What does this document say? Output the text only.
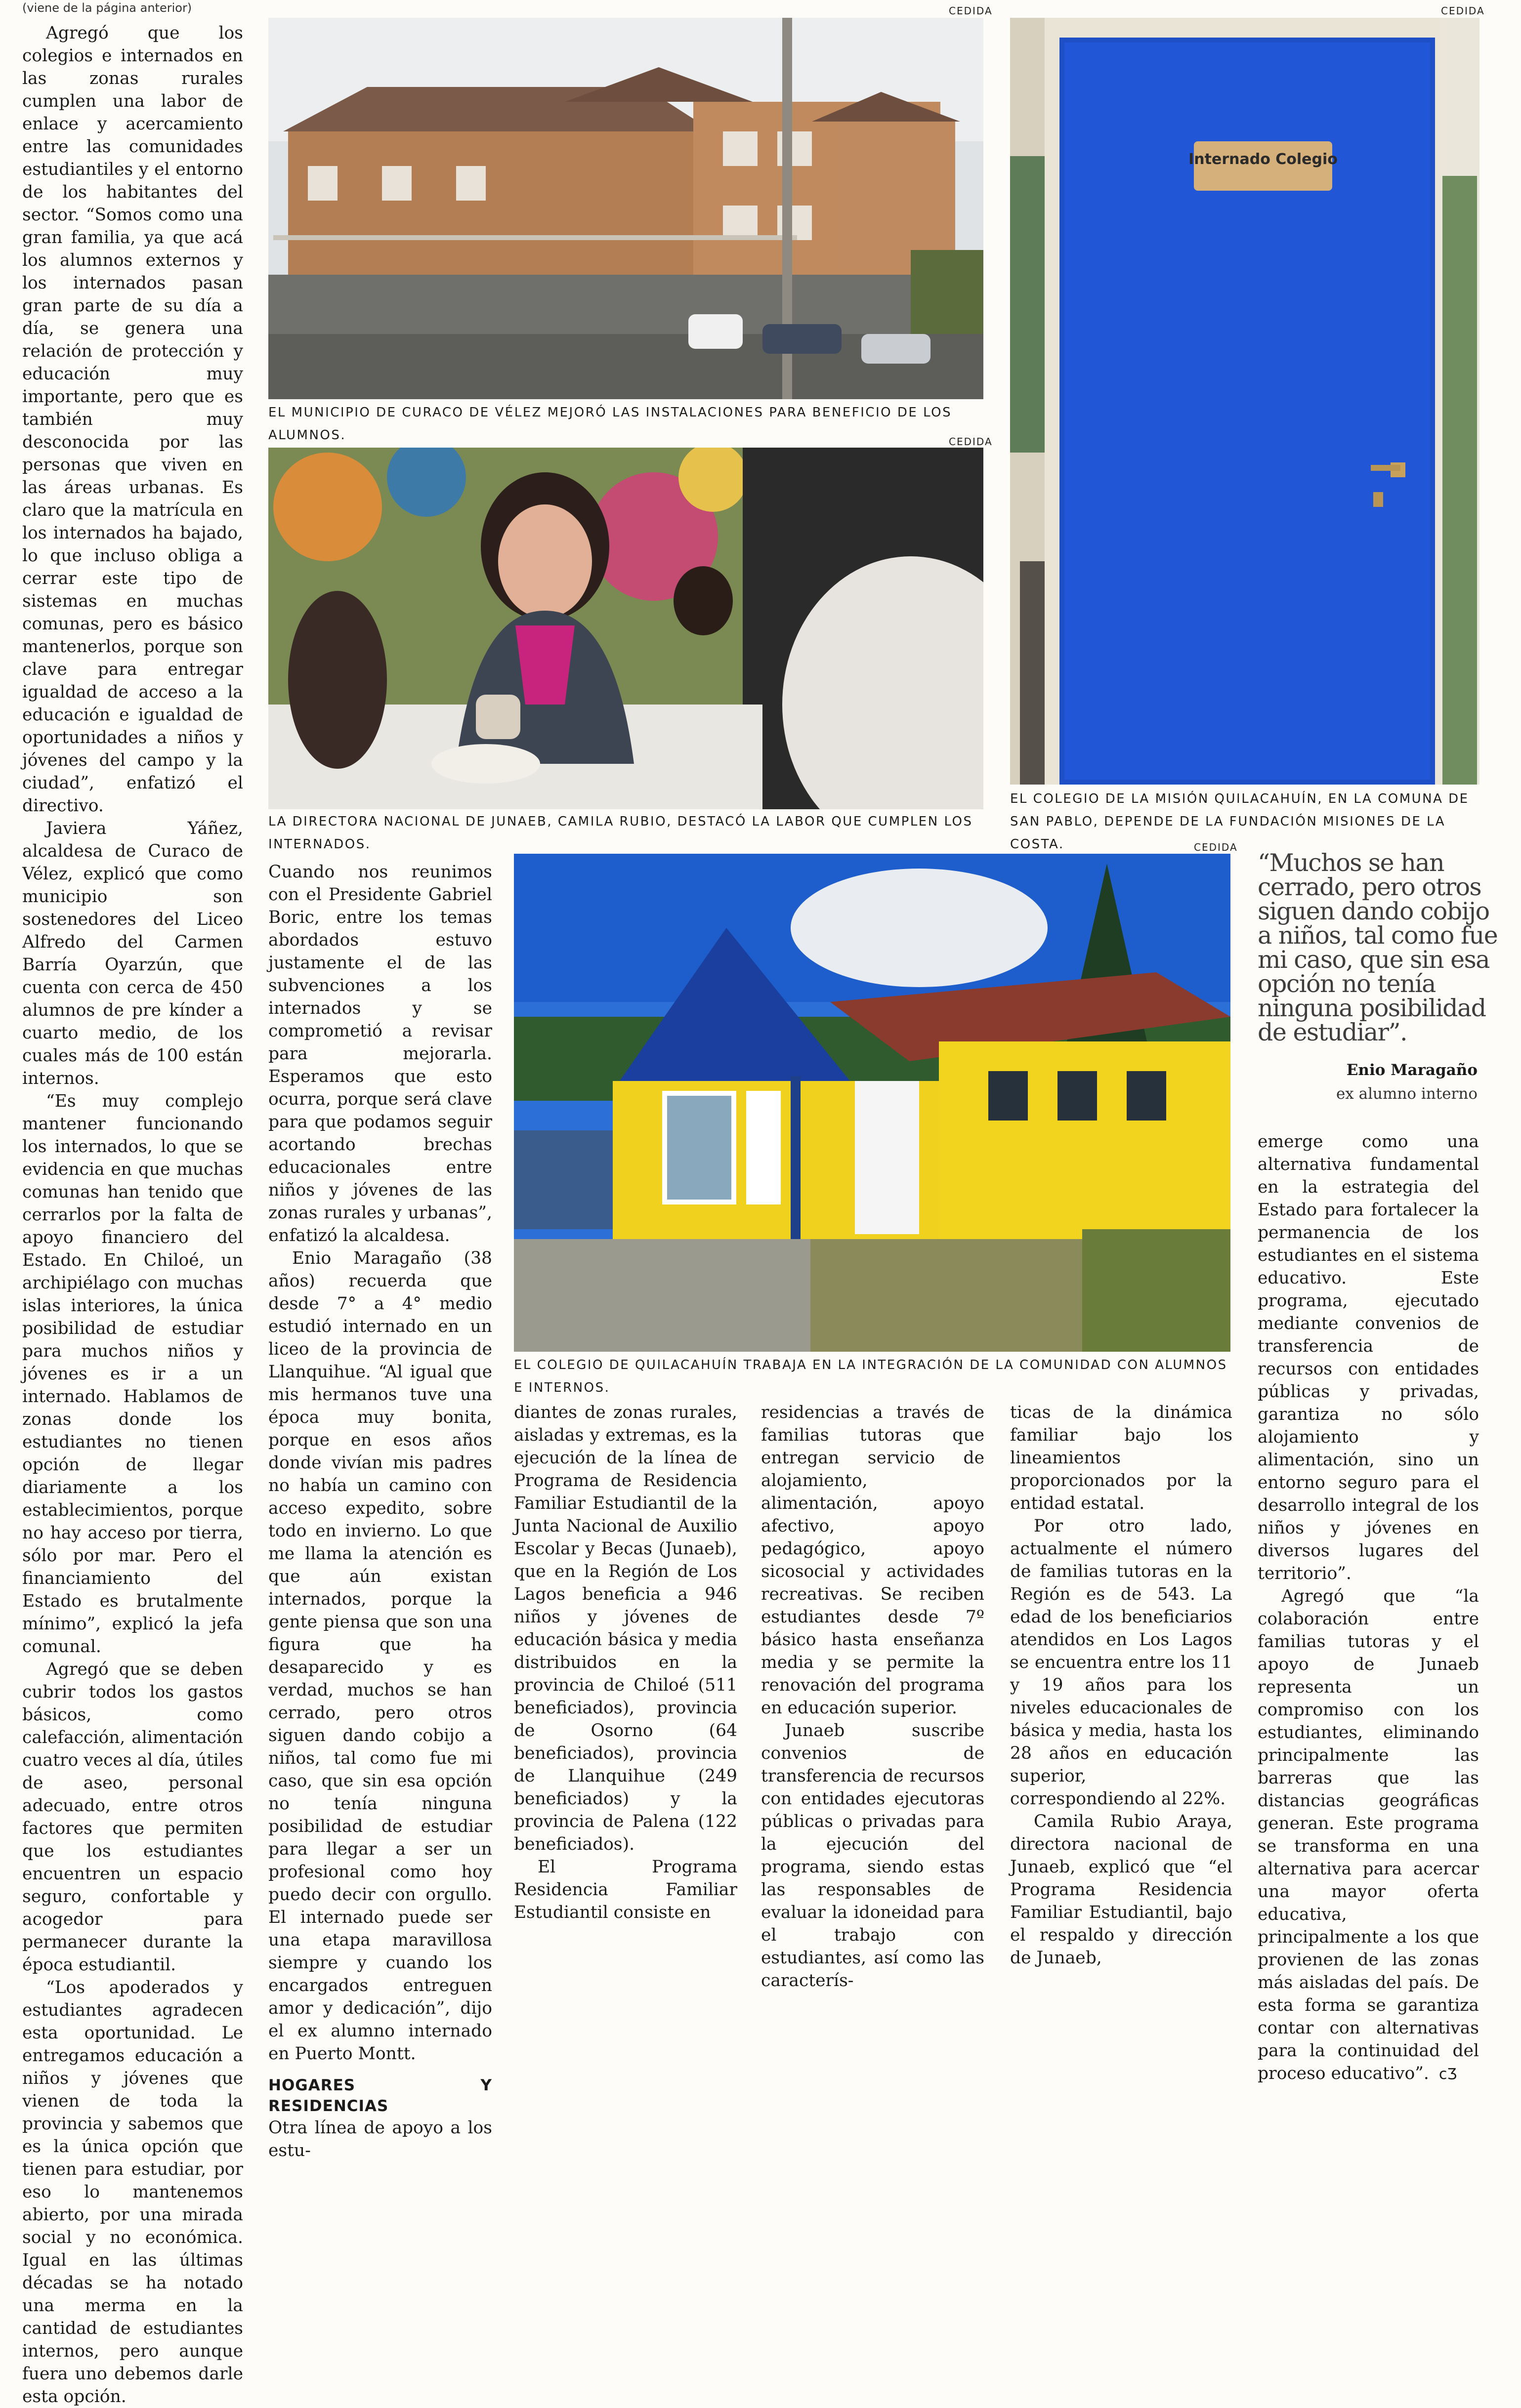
(viene de la página anterior)

Agregó que los colegios e internados en las zonas rurales cumplen una labor de enlace y acercamiento entre las comunidades estudiantiles y el entorno de los habitantes del sector. “Somos como una gran familia, ya que acá los alumnos externos y los internados pasan gran parte de su día a día, se genera una relación de protección y educación muy importante, pero que es también muy desconocida por las personas que viven en las áreas urbanas. Es claro que la matrícula en los internados ha bajado, lo que incluso obliga a cerrar este tipo de sistemas en muchas comunas, pero es básico mantenerlos, porque son clave para entregar igualdad de acceso a la educación e igualdad de oportunidades a niños y jóvenes del campo y la ciudad”, enfatizó el directivo.

Javiera Yáñez, alcaldesa de Curaco de Vélez, explicó que como municipio son sostenedores del Liceo Alfredo del Carmen Barría Oyarzún, que cuenta con cerca de 450 alumnos de pre kínder a cuarto medio, de los cuales más de 100 están internos.

“Es muy complejo mantener funcionando los internados, lo que se evidencia en que muchas comunas han tenido que cerrarlos por la falta de apoyo financiero del Estado. En Chiloé, un archipiélago con muchas islas interiores, la única posibilidad de estudiar para muchos niños y jóvenes es ir a un internado. Hablamos de zonas donde los estudiantes no tienen opción de llegar diariamente a los establecimientos, porque no hay acceso por tierra, sólo por mar. Pero el financiamiento del Estado es brutalmente mínimo”, explicó la jefa comunal.

Agregó que se deben cubrir todos los gastos básicos, como calefacción, alimentación cuatro veces al día, útiles de aseo, personal adecuado, entre otros factores que permiten que los estudiantes encuentren un espacio seguro, confortable y acogedor para permanecer durante la época estudiantil.

“Los apoderados y estudiantes agradecen esta oportunidad. Le entregamos educación a niños y jóvenes que vienen de toda la provincia y sabemos que es la única opción que tienen para estudiar, por eso lo mantenemos abierto, por una mirada social y no económica. Igual en las últimas décadas se ha notado una merma en la cantidad de estudiantes internos, pero aunque fuera uno debemos darle esta opción.

CEDIDA
EL MUNICIPIO DE CURACO DE VÉLEZ MEJORÓ LAS INSTALACIONES PARA BENEFICIO DE LOS ALUMNOS.	CEDIDA
LA DIRECTORA NACIONAL DE JUNAEB, CAMILA RUBIO, DESTACÓ LA LABOR QUE CUMPLEN LOS INTERNADOS.
CEDIDA
Internado Colegio
EL COLEGIO DE LA MISIÓN QUILACAHUÍN, EN LA COMUNA DE SAN PABLO, DEPENDE DE LA FUNDACIÓN MISIONES DE LA COSTA.	CEDIDA
EL COLEGIO DE QUILACAHUÍN TRABAJA EN LA INTEGRACIÓN DE LA COMUNIDAD CON ALUMNOS E INTERNOS.

Cuando nos reunimos con el Presidente Gabriel Boric, entre los temas abordados estuvo justamente el de las subvenciones a los internados y se comprometió a revisar para mejorarla. Esperamos que esto ocurra, porque será clave para que podamos seguir acortando brechas educacionales entre niños y jóvenes de las zonas rurales y urbanas”, enfatizó la alcaldesa.

Enio Maragaño (38 años) recuerda que desde 7° a 4° medio estudió internado en un liceo de la provincia de Llanquihue. “Al igual que mis hermanos tuve una época muy bonita, porque en esos años donde vivían mis padres no había un camino con acceso expedito, sobre todo en invierno. Lo que me llama la atención es que aún existan internados, porque la gente piensa que son una figura que ha desaparecido y es verdad, muchos se han cerrado, pero otros siguen dando cobijo a niños, tal como fue mi caso, que sin esa opción no tenía ninguna posibilidad de estudiar para llegar a ser un profesional como hoy puedo decir con orgullo. El internado puede ser una etapa maravillosa siempre y cuando los encargados entreguen amor y dedicación”, dijo el ex alumno internado en Puerto Montt.

HOGARES Y RESIDENCIAS

Otra línea de apoyo a los estu-

diantes de zonas rurales, aisladas y extremas, es la ejecución de la línea de Programa de Residencia Familiar Estudiantil de la Junta Nacional de Auxilio Escolar y Becas (Junaeb), que en la Región de Los Lagos beneficia a 946 niños y jóvenes de educación básica y media distribuidos en la provincia de Chiloé (511 beneficiados), provincia de Osorno (64 beneficiados), provincia de Llanquihue (249 beneficiados) y la provincia de Palena (122 beneficiados).

El Programa Residencia Familiar Estudiantil consiste en

residencias a través de familias tutoras que entregan servicio de alojamiento, alimentación, apoyo afectivo, apoyo pedagógico, apoyo sicosocial y actividades recreativas. Se reciben estudiantes desde 7º básico hasta enseñanza media y se permite la renovación del programa en educación superior.

Junaeb suscribe convenios de transferencia de recursos con entidades ejecutoras públicas o privadas para la ejecución del programa, siendo estas las responsables de evaluar la idoneidad para el trabajo con estudiantes, así como las caracterís-

ticas de la dinámica familiar bajo los lineamientos proporcionados por la entidad estatal.

Por otro lado, actualmente el número de familias tutoras en la Región es de 543. La edad de los beneficiarios atendidos en Los Lagos se encuentra entre los 11 y 19 años para los niveles educacionales de básica y media, hasta los 28 años en educación superior, correspondiendo al 22%.

Camila Rubio Araya, directora nacional de Junaeb, explicó que “el Programa Residencia Familiar Estudiantil, bajo el respaldo y dirección de Junaeb,

“Muchos se han cerrado, pero otros siguen dando cobijo a niños, tal como fue mi caso, que sin esa opción no tenía ninguna posibilidad de estudiar”.
Enio Maragaño
ex alumno interno

emerge como una alternativa fundamental en la estrategia del Estado para fortalecer la permanencia de los estudiantes en el sistema educativo. Este programa, ejecutado mediante convenios de transferencia de recursos con entidades públicas y privadas, garantiza no sólo alojamiento y alimentación, sino un entorno seguro para el desarrollo integral de los niños y jóvenes en diversos lugares del territorio”.

Agregó que “la colaboración entre familias tutoras y el apoyo de Junaeb representa un compromiso con los estudiantes, eliminando principalmente las barreras que las distancias geográficas generan. Este programa se transforma en una alternativa para acercar una mayor oferta educativa, principalmente a los que provienen de las zonas más aisladas del país. De esta forma se garantiza contar con alternativas para la continuidad del proceso educativo”. ᴄƷ
